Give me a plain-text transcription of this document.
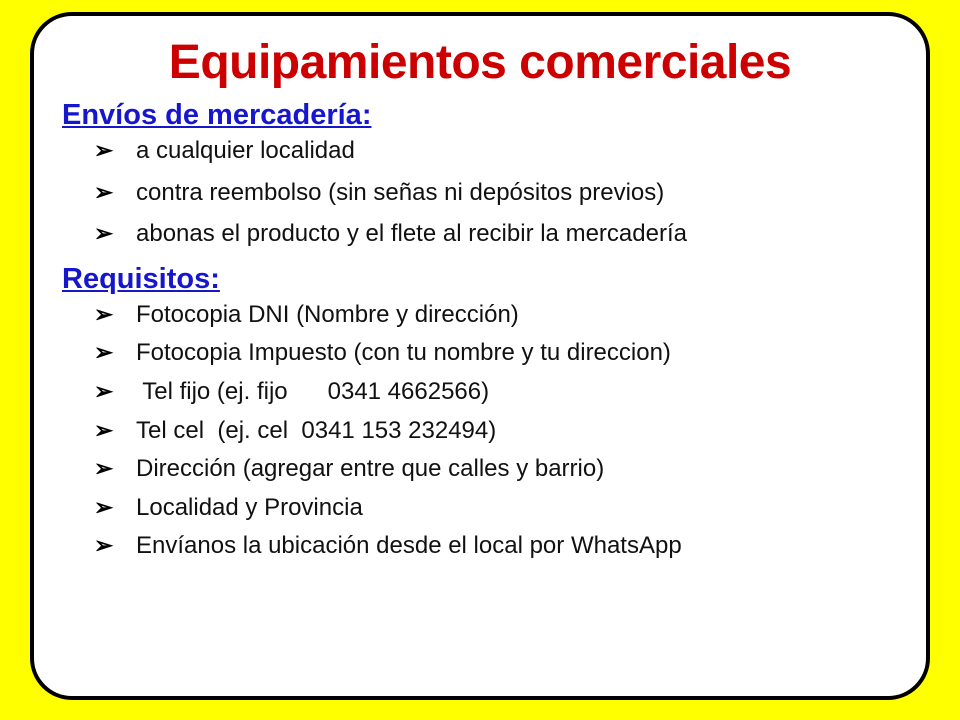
Equipamientos comerciales
Envíos de mercadería:
➢ a cualquier localidad
➢ contra reembolso (sin señas ni depósitos previos)
➢ abonas el producto y el flete al recibir la mercadería
Requisitos:
➢ Fotocopia DNI (Nombre y dirección)
➢ Fotocopia Impuesto (con tu nombre y tu direccion)
➢ Tel fijo (ej. fijo      0341 4662566)
➢ Tel cel  (ej. cel  0341 153 232494)
➢ Dirección (agregar entre que calles y barrio)
➢ Localidad y Provincia
➢ Envíanos la ubicación desde el local por WhatsApp
